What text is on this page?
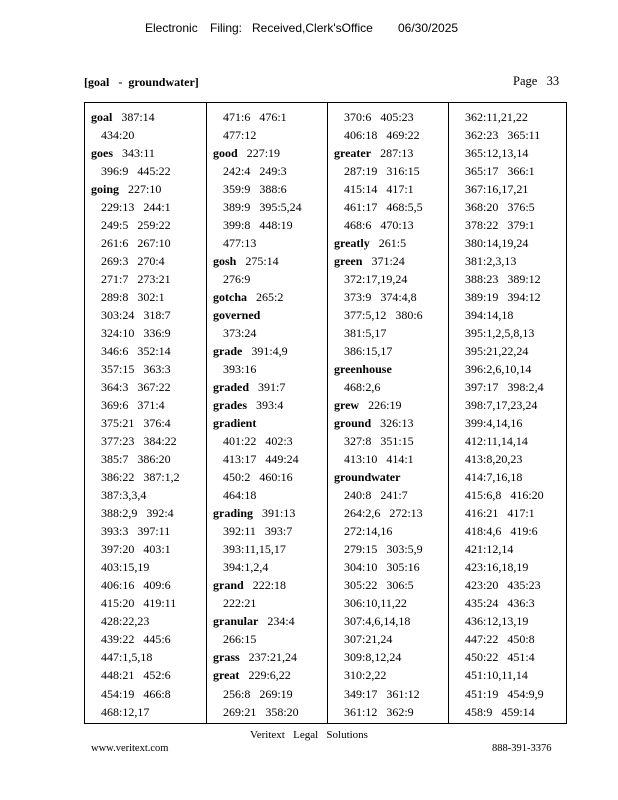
Electronic Filing: Received,Clerk'sOffice 06/30/2025
[goal   -  groundwater]	Page   33
goal 387:14
434:20
goes 343:11
396:9   445:22
going 227:10
229:13   244:1
249:5   259:22
261:6   267:10
269:3   270:4
271:7   273:21
289:8   302:1
303:24   318:7
324:10   336:9
346:6   352:14
357:15   363:3
364:3   367:22
369:6   371:4
375:21   376:4
377:23   384:22
385:7   386:20
386:22   387:1,2
387:3,3,4
388:2,9   392:4
393:3   397:11
397:20   403:1
403:15,19
406:16   409:6
415:20   419:11
428:22,23
439:22   445:6
447:1,5,18
448:21   452:6
454:19   466:8
468:12,17
471:6   476:1
477:12
good 227:19
242:4   249:3
359:9   388:6
389:9   395:5,24
399:8   448:19
477:13
gosh 275:14
276:9
gotcha 265:2
governed
373:24
grade 391:4,9
393:16
graded 391:7
grades 393:4
gradient
401:22   402:3
413:17   449:24
450:2   460:16
464:18
grading 391:13
392:11   393:7
393:11,15,17
394:1,2,4
grand 222:18
222:21
granular 234:4
266:15
grass 237:21,24
great 229:6,22
256:8   269:19
269:21   358:20
370:6   405:23
406:18   469:22
greater 287:13
287:19   316:15
415:14   417:1
461:17   468:5,5
468:6   470:13
greatly 261:5
green 371:24
372:17,19,24
373:9   374:4,8
377:5,12   380:6
381:5,17
386:15,17
greenhouse
468:2,6
grew 226:19
ground 326:13
327:8   351:15
413:10   414:1
groundwater
240:8   241:7
264:2,6   272:13
272:14,16
279:15   303:5,9
304:10   305:16
305:22   306:5
306:10,11,22
307:4,6,14,18
307:21,24
309:8,12,24
310:2,22
349:17   361:12
361:12   362:9
362:11,21,22
362:23   365:11
365:12,13,14
365:17   366:1
367:16,17,21
368:20   376:5
378:22   379:1
380:14,19,24
381:2,3,13
388:23   389:12
389:19   394:12
394:14,18
395:1,2,5,8,13
395:21,22,24
396:2,6,10,14
397:17   398:2,4
398:7,17,23,24
399:4,14,16
412:11,14,14
413:8,20,23
414:7,16,18
415:6,8   416:20
416:21   417:1
418:4,6   419:6
421:12,14
423:16,18,19
423:20   435:23
435:24   436:3
436:12,13,19
447:22   450:8
450:22   451:4
451:10,11,14
451:19   454:9,9
458:9   459:14
Veritext   Legal   Solutions
www.veritext.com	888-391-3376
